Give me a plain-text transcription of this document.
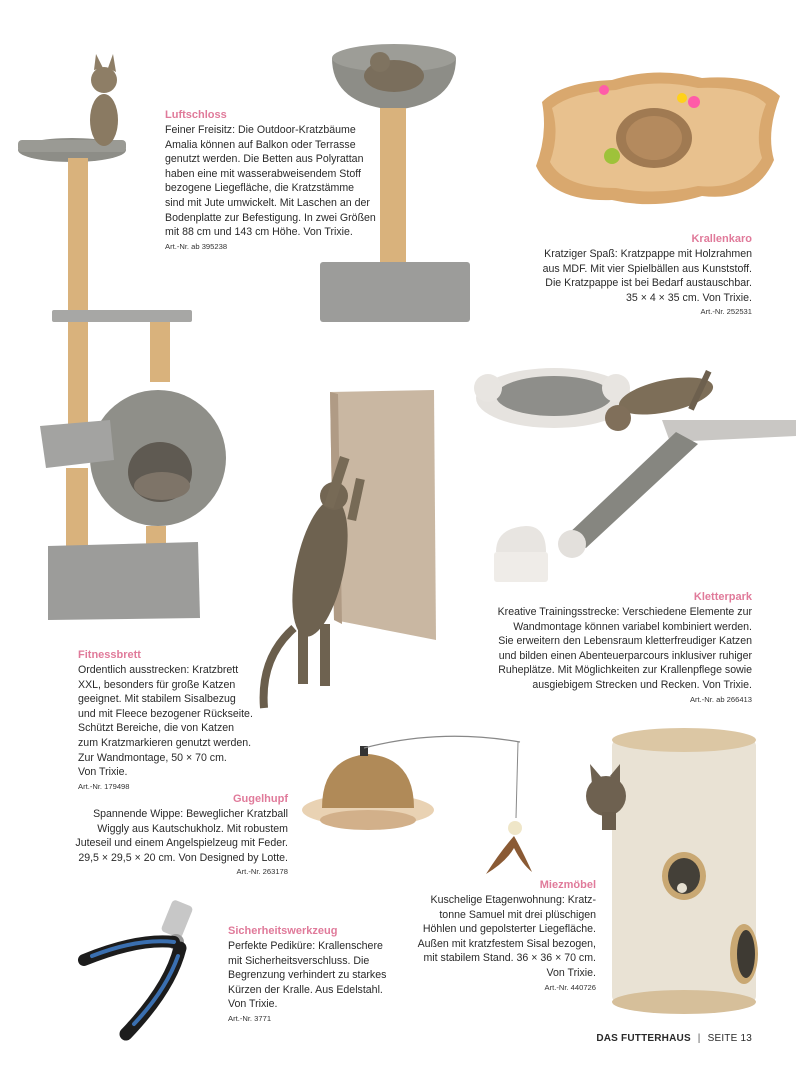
Luftschloss
Feiner Freisitz: Die Outdoor-Kratzbäume
Amalia können auf Balkon oder Terrasse
genutzt werden. Die Betten aus Polyrattan
haben eine mit wasserabweisendem Stoff
bezogene Liegefläche, die Kratzstämme
sind mit Jute umwickelt. Mit Laschen an der
Bodenplatte zur Befestigung. In zwei Größen
mit 88 cm und 143 cm Höhe. Von Trixie.
Art.-Nr. ab 395238
Krallenkaro
Kratziger Spaß: Kratzpappe mit Holzrahmen
aus MDF. Mit vier Spielbällen aus Kunststoff.
Die Kratzpappe ist bei Bedarf austauschbar.
35 × 4 × 35 cm. Von Trixie.
Art.-Nr. 252531
Kletterpark
Kreative Trainingsstrecke: Verschiedene Elemente zur
Wandmontage können variabel kombiniert werden.
Sie erweitern den Lebensraum kletterfreudiger Katzen
und bilden einen Abenteuerparcours inklusiver ruhiger
Ruheplätze. Mit Möglichkeiten zur Krallenpflege sowie
ausgiebigem Strecken und Recken. Von Trixie.
Art.-Nr. ab 266413
Fitnessbrett
Ordentlich ausstrecken: Kratzbrett
XXL, besonders für große Katzen
geeignet. Mit stabilem Sisalbezug
und mit Fleece bezogener Rückseite.
Schützt Bereiche, die von Katzen
zum Kratzmarkieren genutzt werden.
Zur Wandmontage, 50 × 70 cm.
Von Trixie.
Art.-Nr. 179498
Gugelhupf
Spannende Wippe: Beweglicher Kratzball
Wiggly aus Kautschukholz. Mit robustem
Juteseil und einem Angelspielzeug mit Feder.
29,5 × 29,5 × 20 cm. Von Designed by Lotte.
Art.-Nr. 263178
Miezmöbel
Kuschelige Etagenwohnung: Kratz-
tonne Samuel mit drei plüschigen
Höhlen und gepolsterter Liegefläche.
Außen mit kratzfestem Sisal bezogen,
mit stabilem Stand. 36 × 36 × 70 cm.
Von Trixie.
Art.-Nr. 440726
Sicherheitswerkzeug
Perfekte Pediküre: Krallenschere
mit Sicherheitsverschluss. Die
Begrenzung verhindert zu starkes
Kürzen der Kralle. Aus Edelstahl.
Von Trixie.
Art.-Nr. 3771
DAS FUTTERHAUS | SEITE 13
